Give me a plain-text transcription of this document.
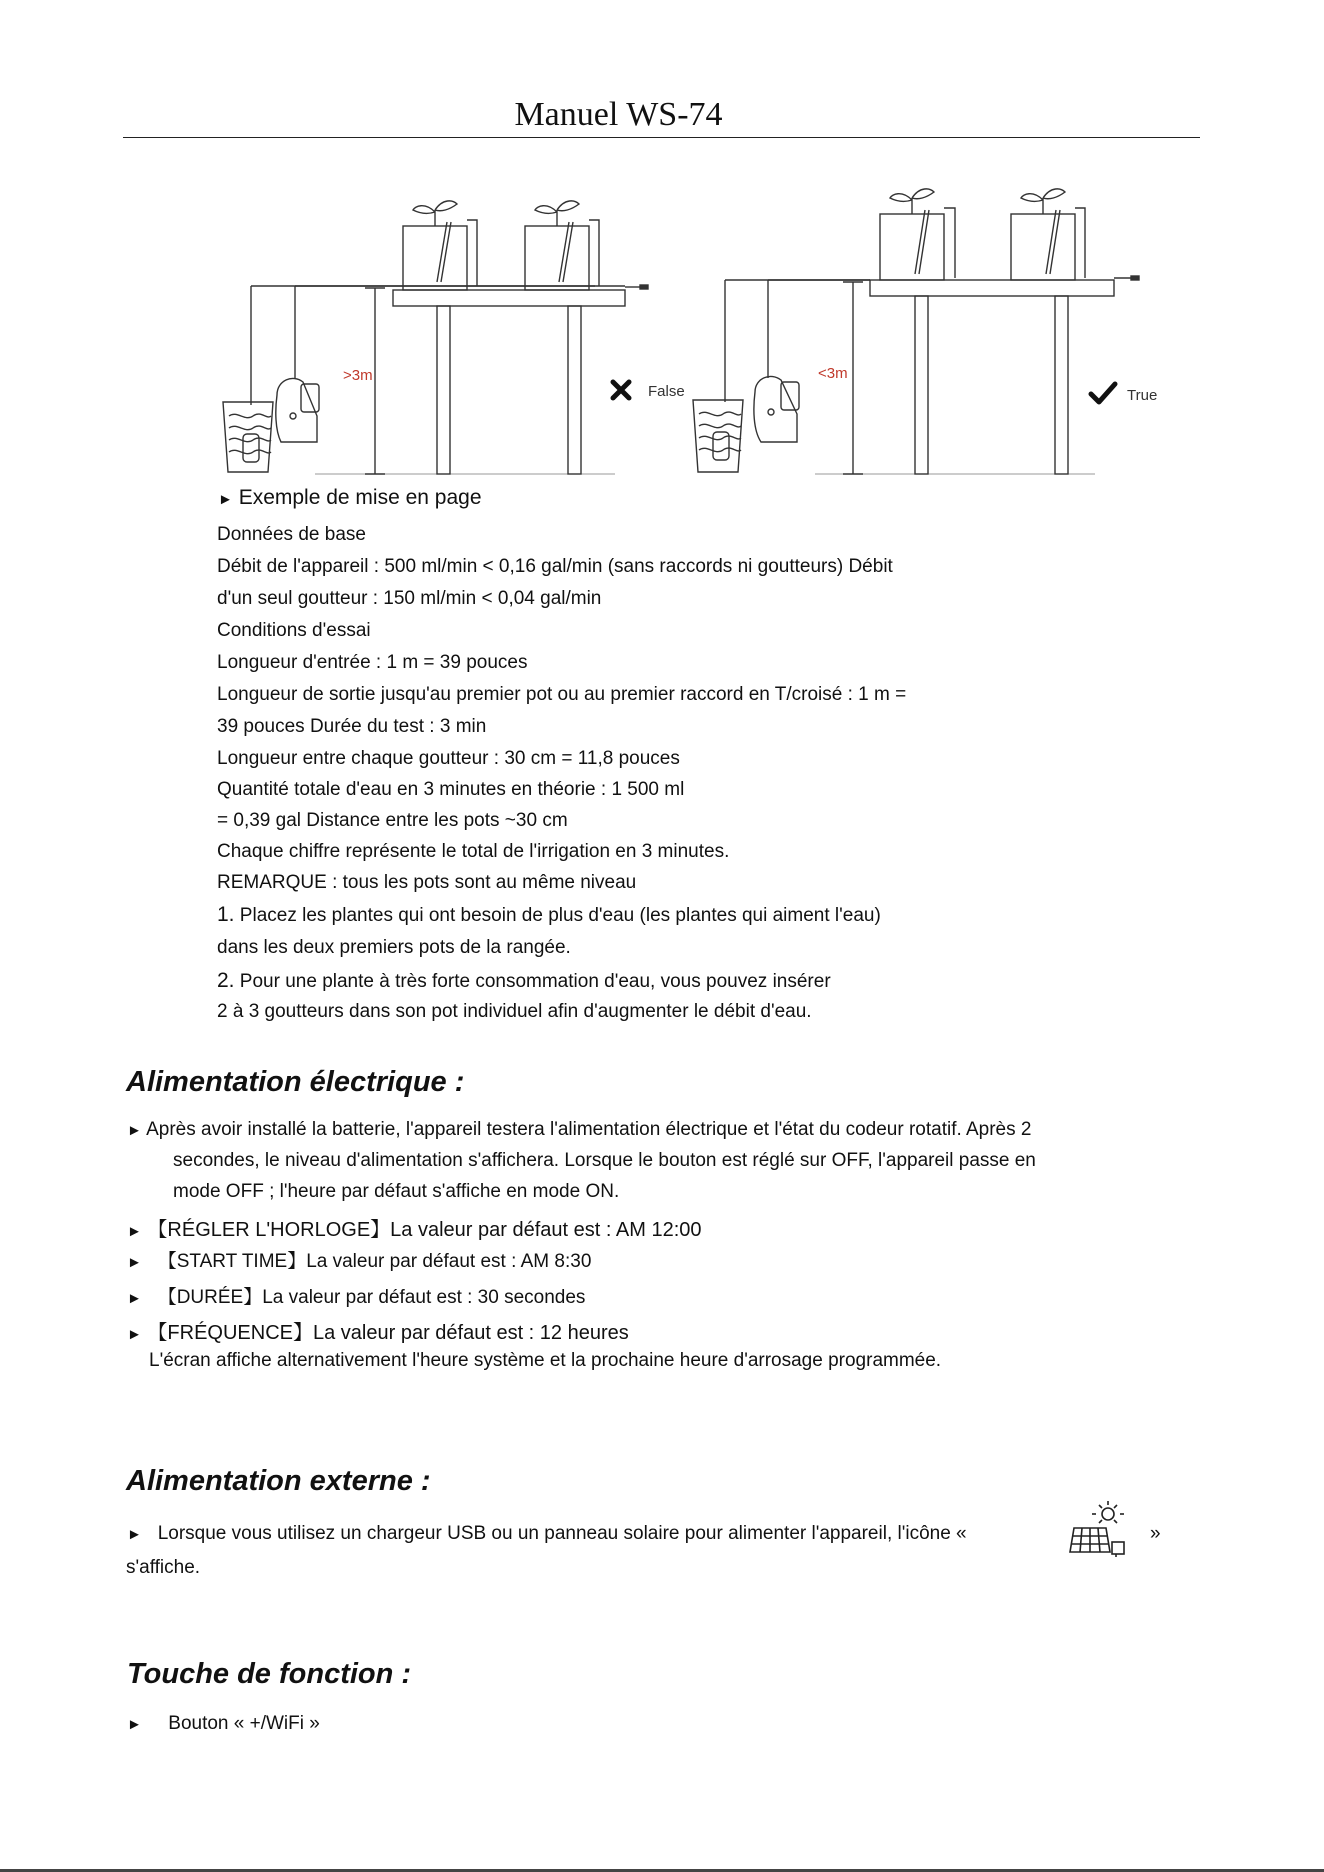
Manuel WS-74
>3m
False
<3m
True
► Exemple de mise en page
Données de base
Débit de l'appareil : 500 ml/min < 0,16 gal/min (sans raccords ni goutteurs) Débit
d'un seul goutteur : 150 ml/min < 0,04 gal/min
Conditions d'essai
Longueur d'entrée : 1 m = 39 pouces
Longueur de sortie jusqu'au premier pot ou au premier raccord en T/croisé : 1 m =
39 pouces Durée du test : 3 min
Longueur entre chaque goutteur : 30 cm = 11,8 pouces
Quantité totale d'eau en 3 minutes en théorie : 1 500 ml
= 0,39 gal Distance entre les pots ~30 cm
Chaque chiffre représente le total de l'irrigation en 3 minutes.
REMARQUE : tous les pots sont au même niveau
1. Placez les plantes qui ont besoin de plus d'eau (les plantes qui aiment l'eau)
dans les deux premiers pots de la rangée.
2. Pour une plante à très forte consommation d'eau, vous pouvez insérer
2 à 3 goutteurs dans son pot individuel afin d'augmenter le débit d'eau.
Alimentation électrique :
► Après avoir installé la batterie, l'appareil testera l'alimentation électrique et l'état du codeur rotatif. Après 2
secondes, le niveau d'alimentation s'affichera. Lorsque le bouton est réglé sur OFF, l'appareil passe en
mode OFF ; l'heure par défaut s'affiche en mode ON.
► 【RÉGLER L'HORLOGE】La valeur par défaut est : AM 12:00
► 【START TIME】La valeur par défaut est : AM 8:30
► 【DURÉE】La valeur par défaut est : 30 secondes
► 【FRÉQUENCE】La valeur par défaut est : 12 heures
L'écran affiche alternativement l'heure système et la prochaine heure d'arrosage programmée.
Alimentation externe :
► Lorsque vous utilisez un chargeur USB ou un panneau solaire pour alimenter l'appareil, l'icône «	»
s'affiche.
Touche de fonction :
► Bouton « +/WiFi »
